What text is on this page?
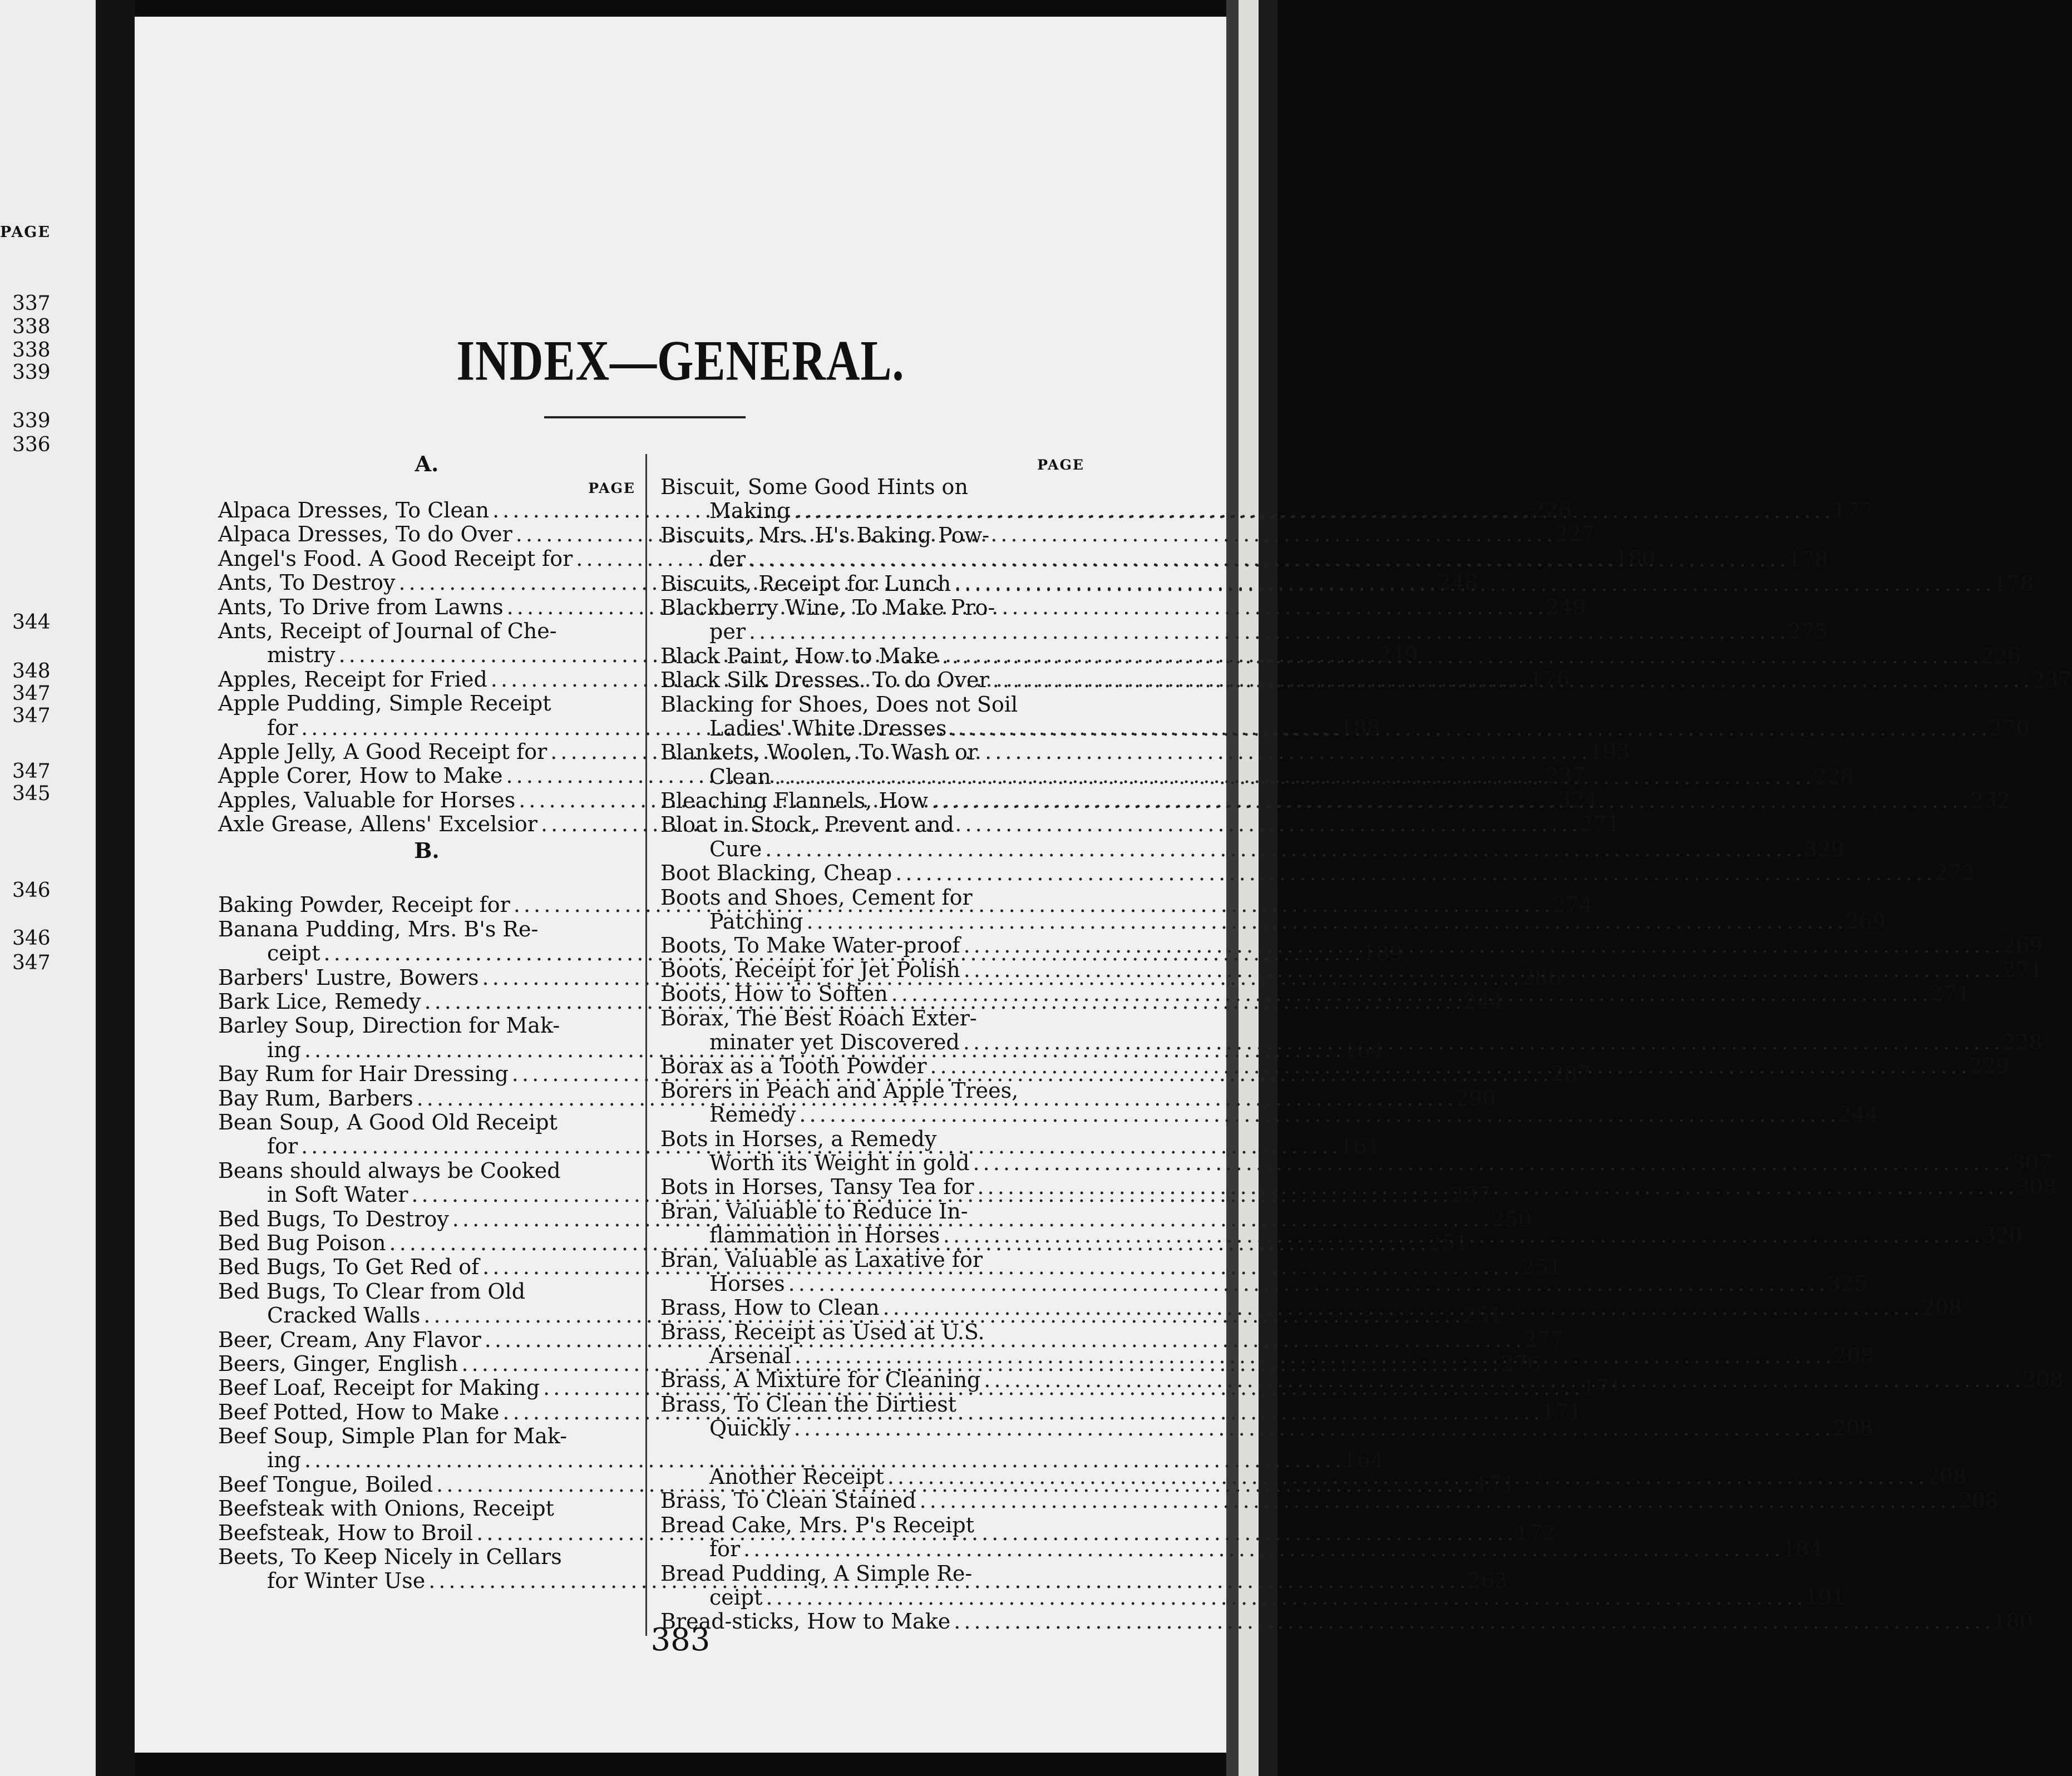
PAGE
337
338
338
339
339
336
344
348
347
347
347
345
346
346
347
INDEX—GENERAL.
A.
PAGE
Alpaca Dresses, To Clean . . .	226
Alpaca Dresses, To do Over . . .	227
Angel's Food. A Good Receipt for . . .	180
Ants, To Destroy . . .	248
Ants, To Drive from Lawns . . .	249
Ants, Receipt of Journal of Che-
mistry . . .	249
Apples, Receipt for Fried . . .	176
Apple Pudding, Simple Receipt
for . . .	188
Apple Jelly, A Good Receipt for . . .	193
Apple Corer, How to Make . . .	237
Apples, Valuable for Horses . . .	324
Axle Grease, Allens' Excelsior . . .	271
B.
Baking Powder, Receipt for . . .	274
Banana Pudding, Mrs. B's Re-
ceipt . . .	189
Barbers' Lustre, Bowers . . .	286
Bark Lice, Remedy . . .	244
Barley Soup, Direction for Mak-
ing . . .	164
Bay Rum for Hair Dressing . . .	287
Bay Rum, Barbers . . .	290
Bean Soup, A Good Old Receipt
for . . .	161
Beans should always be Cooked
in Soft Water . . .	237
Bed Bugs, To Destroy . . .	250
Bed Bug Poison . . .	251
Bed Bugs, To Get Red of . . .	251
Bed Bugs, To Clear from Old
Cracked Walls . . .	251
Beer, Cream, Any Flavor . . .	277
Beers, Ginger, English . . .	276
Beef Loaf, Receipt for Making . . .	171
Beef Potted, How to Make . . .	171
Beef Soup, Simple Plan for Mak-
ing . . .	164
Beef Tongue, Boiled . . .	171
Beefsteak with Onions, Receipt
Beefsteak, How to Broil . . .	172
Beets, To Keep Nicely in Cellars
for Winter Use . . .	263
PAGE
Biscuit, Some Good Hints on
Making . . .	177
Biscuits, Mrs. H's Baking Pow-
der . . .	178
Biscuits, Receipt for Lunch . . .	178
Blackberry Wine, To Make Pro-
per . . .	275
Black Paint, How to Make . . .	226
Black Silk Dresses. To do Over . . .	237
Blacking for Shoes, Does not Soil
Ladies' White Dresses . . .	270
Blankets, Woolen, To Wash or
Clean . . .	228
Bleaching Flannels, How . . .	232
Bloat in Stock, Prevent and
Cure . . .	329
Boot Blacking, Cheap . . .	272
Boots and Shoes, Cement for
Patching . . .	269
Boots, To Make Water-proof . . .	269
Boots, Receipt for Jet Polish . . .	271
Boots, How to Soften . . .	271
Borax, The Best Roach Exter-
minater yet Discovered . . .	228
Borax as a Tooth Powder . . .	229
Borers in Peach and Apple Trees,
Remedy . . .	244
Bots in Horses, a Remedy
Worth its Weight in gold . . .	307
Bots in Horses, Tansy Tea for . . .	308
Bran, Valuable to Reduce In-
flammation in Horses . . .	320
Bran, Valuable as Laxative for
Horses . . .	325
Brass, How to Clean . . .	208
Brass, Receipt as Used at U.S.
Arsenal . . .	208
Brass, A Mixture for Cleaning . . .	208
Brass, To Clean the Dirtiest
Quickly . . .	208
Another Receipt . . .	208
Brass, To Clean Stained . . .	208
Bread Cake, Mrs. P's Receipt
for . . .	184
Bread Pudding, A Simple Re-
ceipt . . .	191
Bread-sticks, How to Make . . .	180
383
